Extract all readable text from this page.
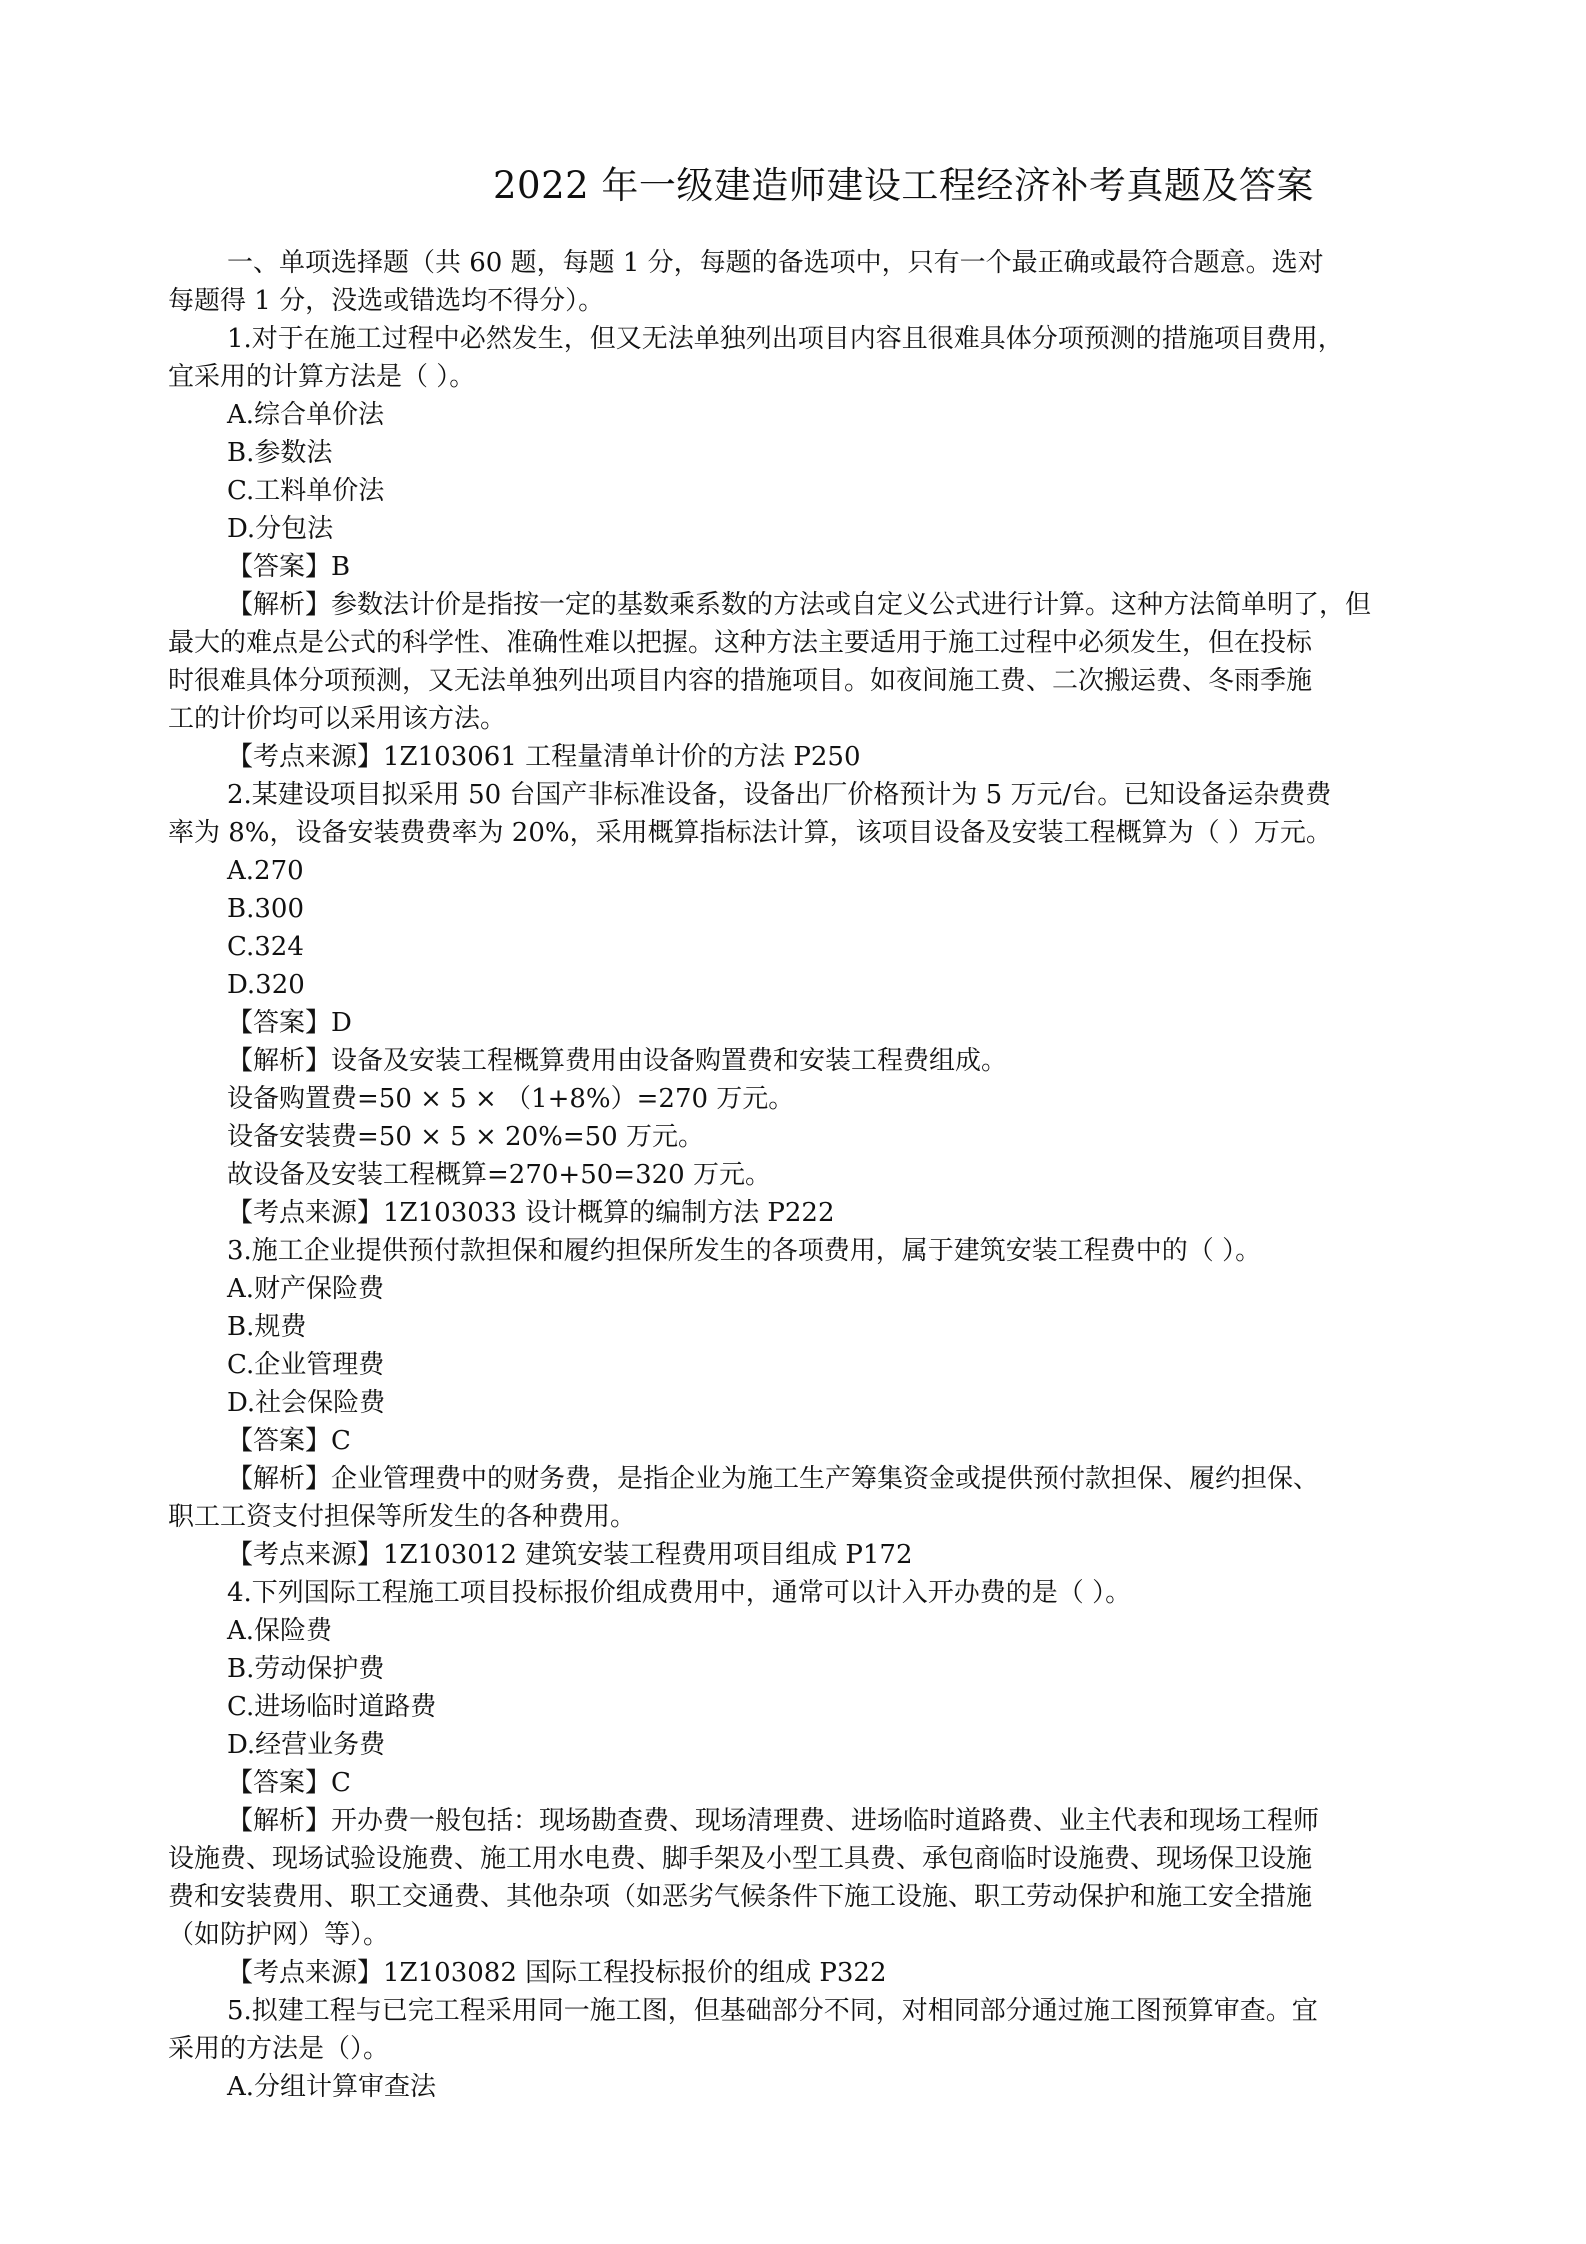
2022 年一级建造师建设工程经济补考真题及答案
一、单项选择题（共 60 题，每题 1 分，每题的备选项中，只有一个最正确或最符合题意。选对
每题得 1 分，没选或错选均不得分）。
1.对于在施工过程中必然发生，但又无法单独列出项目内容且很难具体分项预测的措施项目费用，
宜采用的计算方法是（ ）。
A.综合单价法
B.参数法
C.工料单价法
D.分包法
【答案】B
【解析】参数法计价是指按一定的基数乘系数的方法或自定义公式进行计算。这种方法简单明了，但
最大的难点是公式的科学性、准确性难以把握。这种方法主要适用于施工过程中必须发生，但在投标
时很难具体分项预测，又无法单独列出项目内容的措施项目。如夜间施工费、二次搬运费、冬雨季施
工的计价均可以采用该方法。
【考点来源】1Z103061 工程量清单计价的方法 P250
2.某建设项目拟采用 50 台国产非标准设备，设备出厂价格预计为 5 万元/台。已知设备运杂费费
率为 8%，设备安装费费率为 20%，采用概算指标法计算，该项目设备及安装工程概算为（ ）万元。
A.270
B.300
C.324
D.320
【答案】D
【解析】设备及安装工程概算费用由设备购置费和安装工程费组成。
设备购置费=50 × 5 × （1+8%）=270 万元。
设备安装费=50 × 5 × 20%=50 万元。
故设备及安装工程概算=270+50=320 万元。
【考点来源】1Z103033 设计概算的编制方法 P222
3.施工企业提供预付款担保和履约担保所发生的各项费用，属于建筑安装工程费中的（ ）。
A.财产保险费
B.规费
C.企业管理费
D.社会保险费
【答案】C
【解析】企业管理费中的财务费，是指企业为施工生产筹集资金或提供预付款担保、履约担保、
职工工资支付担保等所发生的各种费用。
【考点来源】1Z103012 建筑安装工程费用项目组成 P172
4.下列国际工程施工项目投标报价组成费用中，通常可以计入开办费的是（ ）。
A.保险费
B.劳动保护费
C.进场临时道路费
D.经营业务费
【答案】C
【解析】开办费一般包括：现场勘查费、现场清理费、进场临时道路费、业主代表和现场工程师
设施费、现场试验设施费、施工用水电费、脚手架及小型工具费、承包商临时设施费、现场保卫设施
费和安装费用、职工交通费、其他杂项（如恶劣气候条件下施工设施、职工劳动保护和施工安全措施
（如防护网）等）。
【考点来源】1Z103082 国际工程投标报价的组成 P322
5.拟建工程与已完工程采用同一施工图，但基础部分不同，对相同部分通过施工图预算审查。宜
采用的方法是（）。
A.分组计算审查法
